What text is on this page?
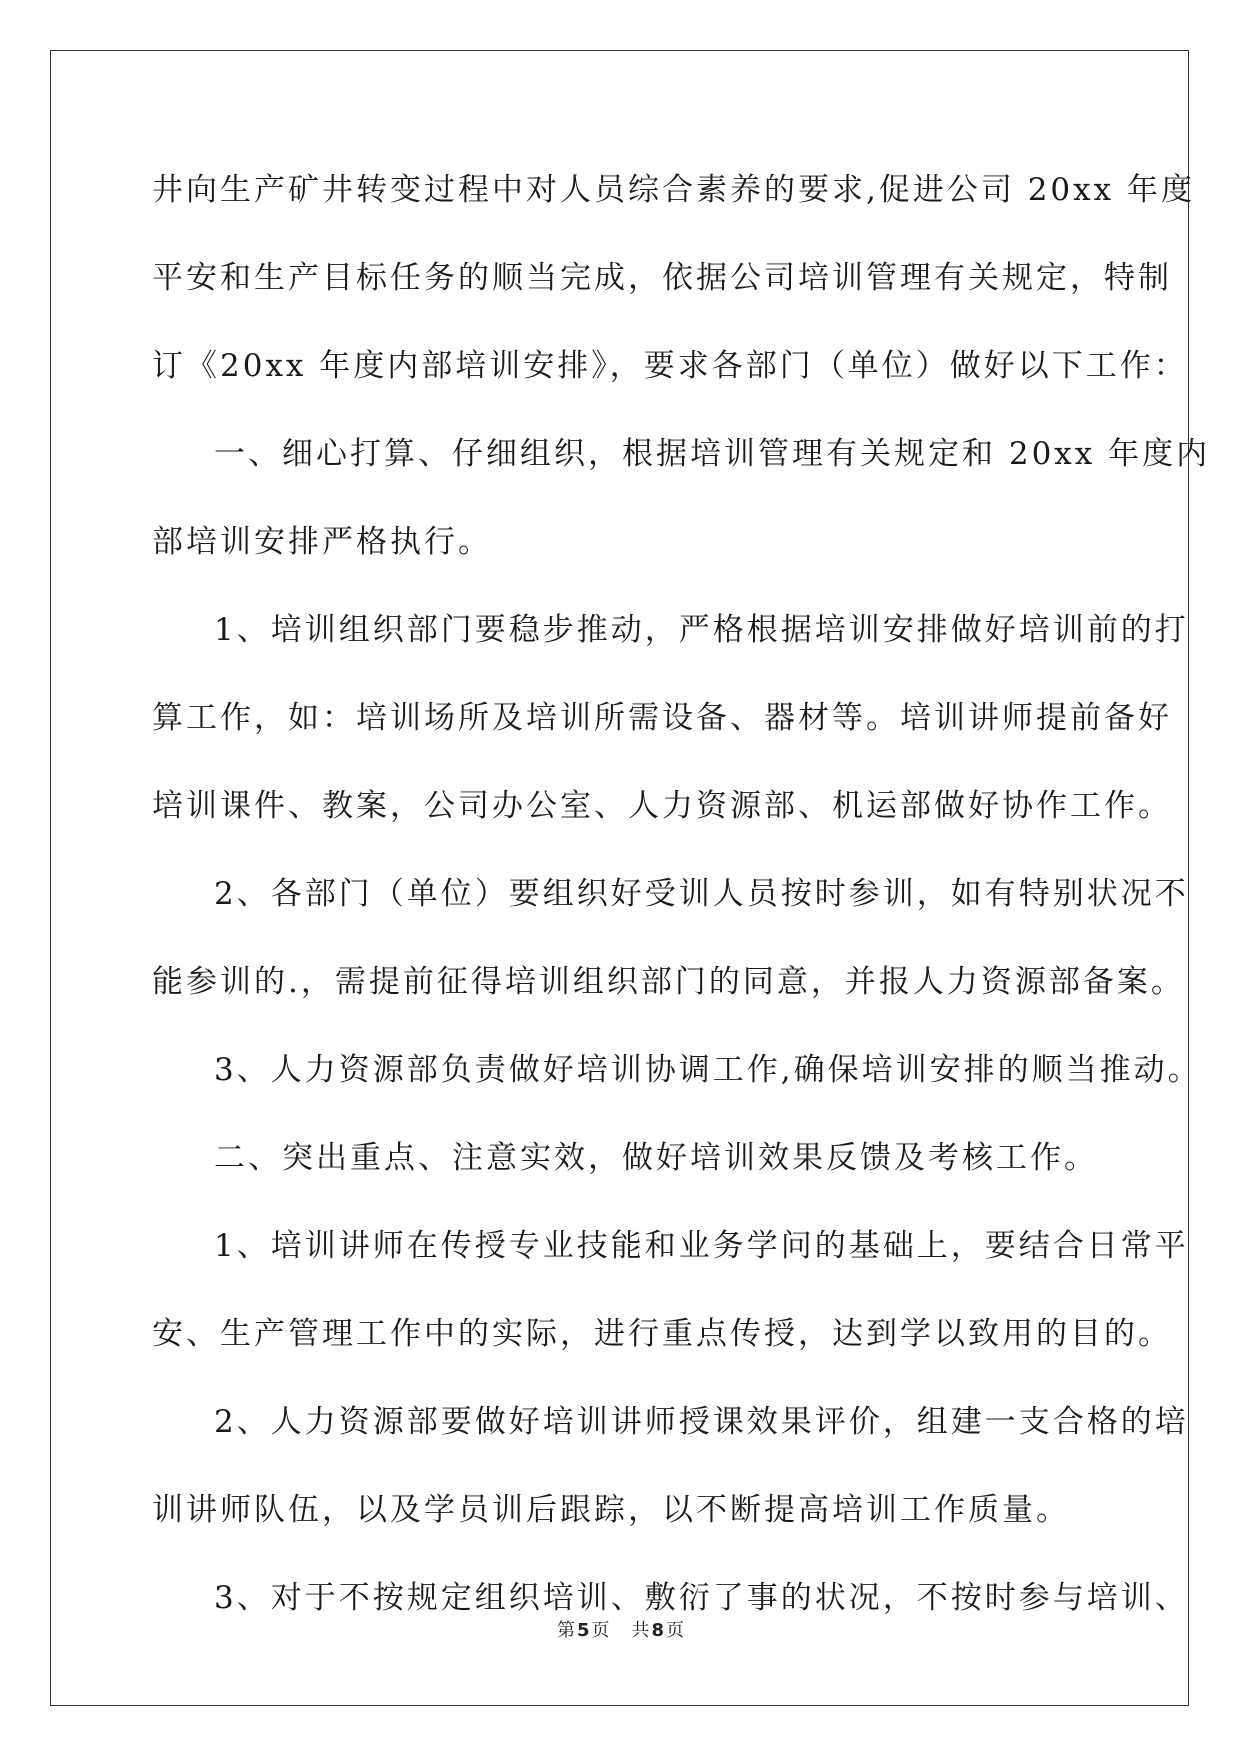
井向生产矿井转变过程中对人员综合素养的要求,促进公司 20xx 年度
平安和生产目标任务的顺当完成，依据公司培训管理有关规定，特制
订《20xx 年度内部培训安排》，要求各部门（单位）做好以下工作：
一、细心打算、仔细组织，根据培训管理有关规定和 20xx 年度内
部培训安排严格执行。
1、培训组织部门要稳步推动，严格根据培训安排做好培训前的打
算工作，如：培训场所及培训所需设备、器材等。培训讲师提前备好
培训课件、教案，公司办公室、人力资源部、机运部做好协作工作。
2、各部门（单位）要组织好受训人员按时参训，如有特别状况不
能参训的.，需提前征得培训组织部门的同意，并报人力资源部备案。
3、人力资源部负责做好培训协调工作,确保培训安排的顺当推动。
二、突出重点、注意实效，做好培训效果反馈及考核工作。
1、培训讲师在传授专业技能和业务学问的基础上，要结合日常平
安、生产管理工作中的实际，进行重点传授，达到学以致用的目的。
2、人力资源部要做好培训讲师授课效果评价，组建一支合格的培
训讲师队伍，以及学员训后跟踪，以不断提高培训工作质量。
3、对于不按规定组织培训、敷衍了事的状况，不按时参与培训、
第 5 页 共 8 页
